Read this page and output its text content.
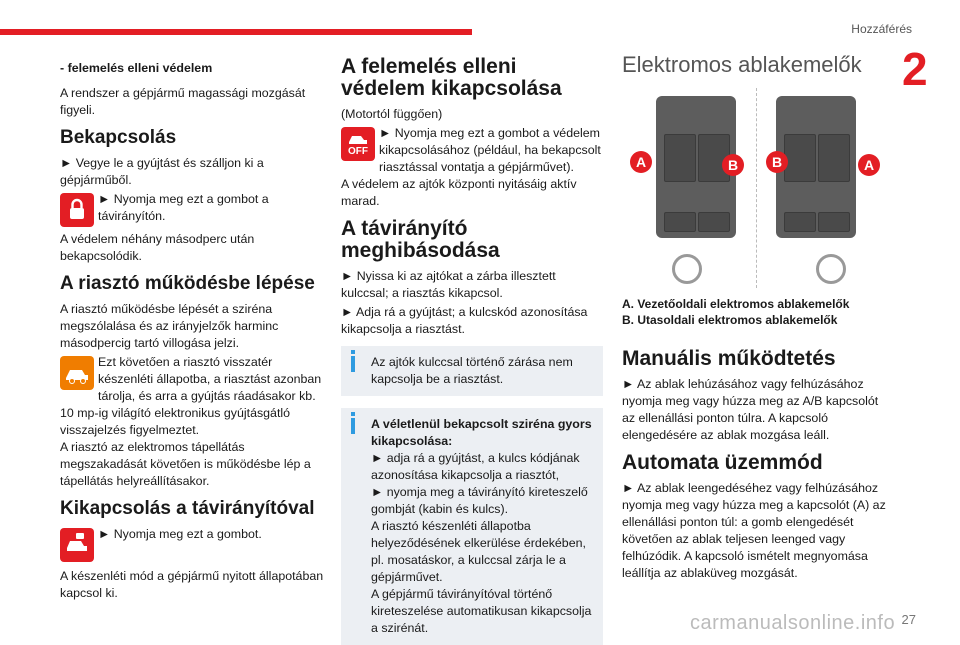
Hozzáférés
2

- felemelés elleni védelem

A rendszer a gépjármű magassági mozgását figyeli.

Bekapcsolás

► Vegye le a gyújtást és szálljon ki a gépjárműből.

► Nyomja meg ezt a gombot a távirányítón.

A védelem néhány másodperc után bekapcsolódik.

A riasztó működésbe lépése

A riasztó működésbe lépését a sziréna megszólalása és az irányjelzők harminc másodpercig tartó villogása jelzi.

Ezt követően a riasztó visszatér készenléti állapotba, a riasztást azonban tárolja, és arra a gyújtás ráadásakor kb. 10 mp-ig világító elektronikus gyújtásgátló visszajelzés figyelmeztet.

A riasztó az elektromos tápellátás megszakadását követően is működésbe lép a tápellátás helyreállításakor.

Kikapcsolás a távirányítóval
► Nyomja meg ezt a gombot.

A készenléti mód a gépjármű nyitott állapotában kapcsol ki.

A felemelés elleni védelem kikapcsolása

(Motortól függően)

OFF
► Nyomja meg ezt a gombot a védelem kikapcsolásához (például, ha bekapcsolt riasztással vontatja a gépjárművet).

A védelem az ajtók központi nyitásáig aktív marad.

A távirányító meghibásodása

► Nyissa ki az ajtókat a zárba illesztett kulccsal; a riasztás kikapcsol.

► Adja rá a gyújtást; a kulcskód azonosítása kikapcsolja a riasztást.

Az ajtók kulccsal történő zárása nem kapcsolja be a riasztást.
A véletlenül bekapcsolt sziréna gyors kikapcsolása:
► adja rá a gyújtást, a kulcs kódjának azonosítása kikapcsolja a riasztót,
► nyomja meg a távirányító kireteszelő gombját (kabin és kulcs).
A riasztó készenléti állapotba helyeződésének elkerülése érdekében, pl. mosatáskor, a kulccsal zárja le a gépjárművet.
A gépjármű távirányítóval történő kireteszelése automatikusan kikapcsolja a szirénát.
Elektromos ablakemelők
A	B	B	A
A. Vezetőoldali elektromos ablakemelők
B. Utasoldali elektromos ablakemelők
Manuális működtetés

► Az ablak lehúzásához vagy felhúzásához nyomja meg vagy húzza meg az A/B kapcsolót az ellenállási ponton túlra. A kapcsoló elengedésére az ablak mozgása leáll.

Automata üzemmód

► Az ablak leengedéséhez vagy felhúzásához nyomja meg vagy húzza meg a kapcsolót (A) az ellenállási ponton túl: a gomb elengedését követően az ablak teljesen leenged vagy felhúzódik. A kapcsoló ismételt megnyomása leállítja az ablaküveg mozgását.

carmanualsonline.info 27
